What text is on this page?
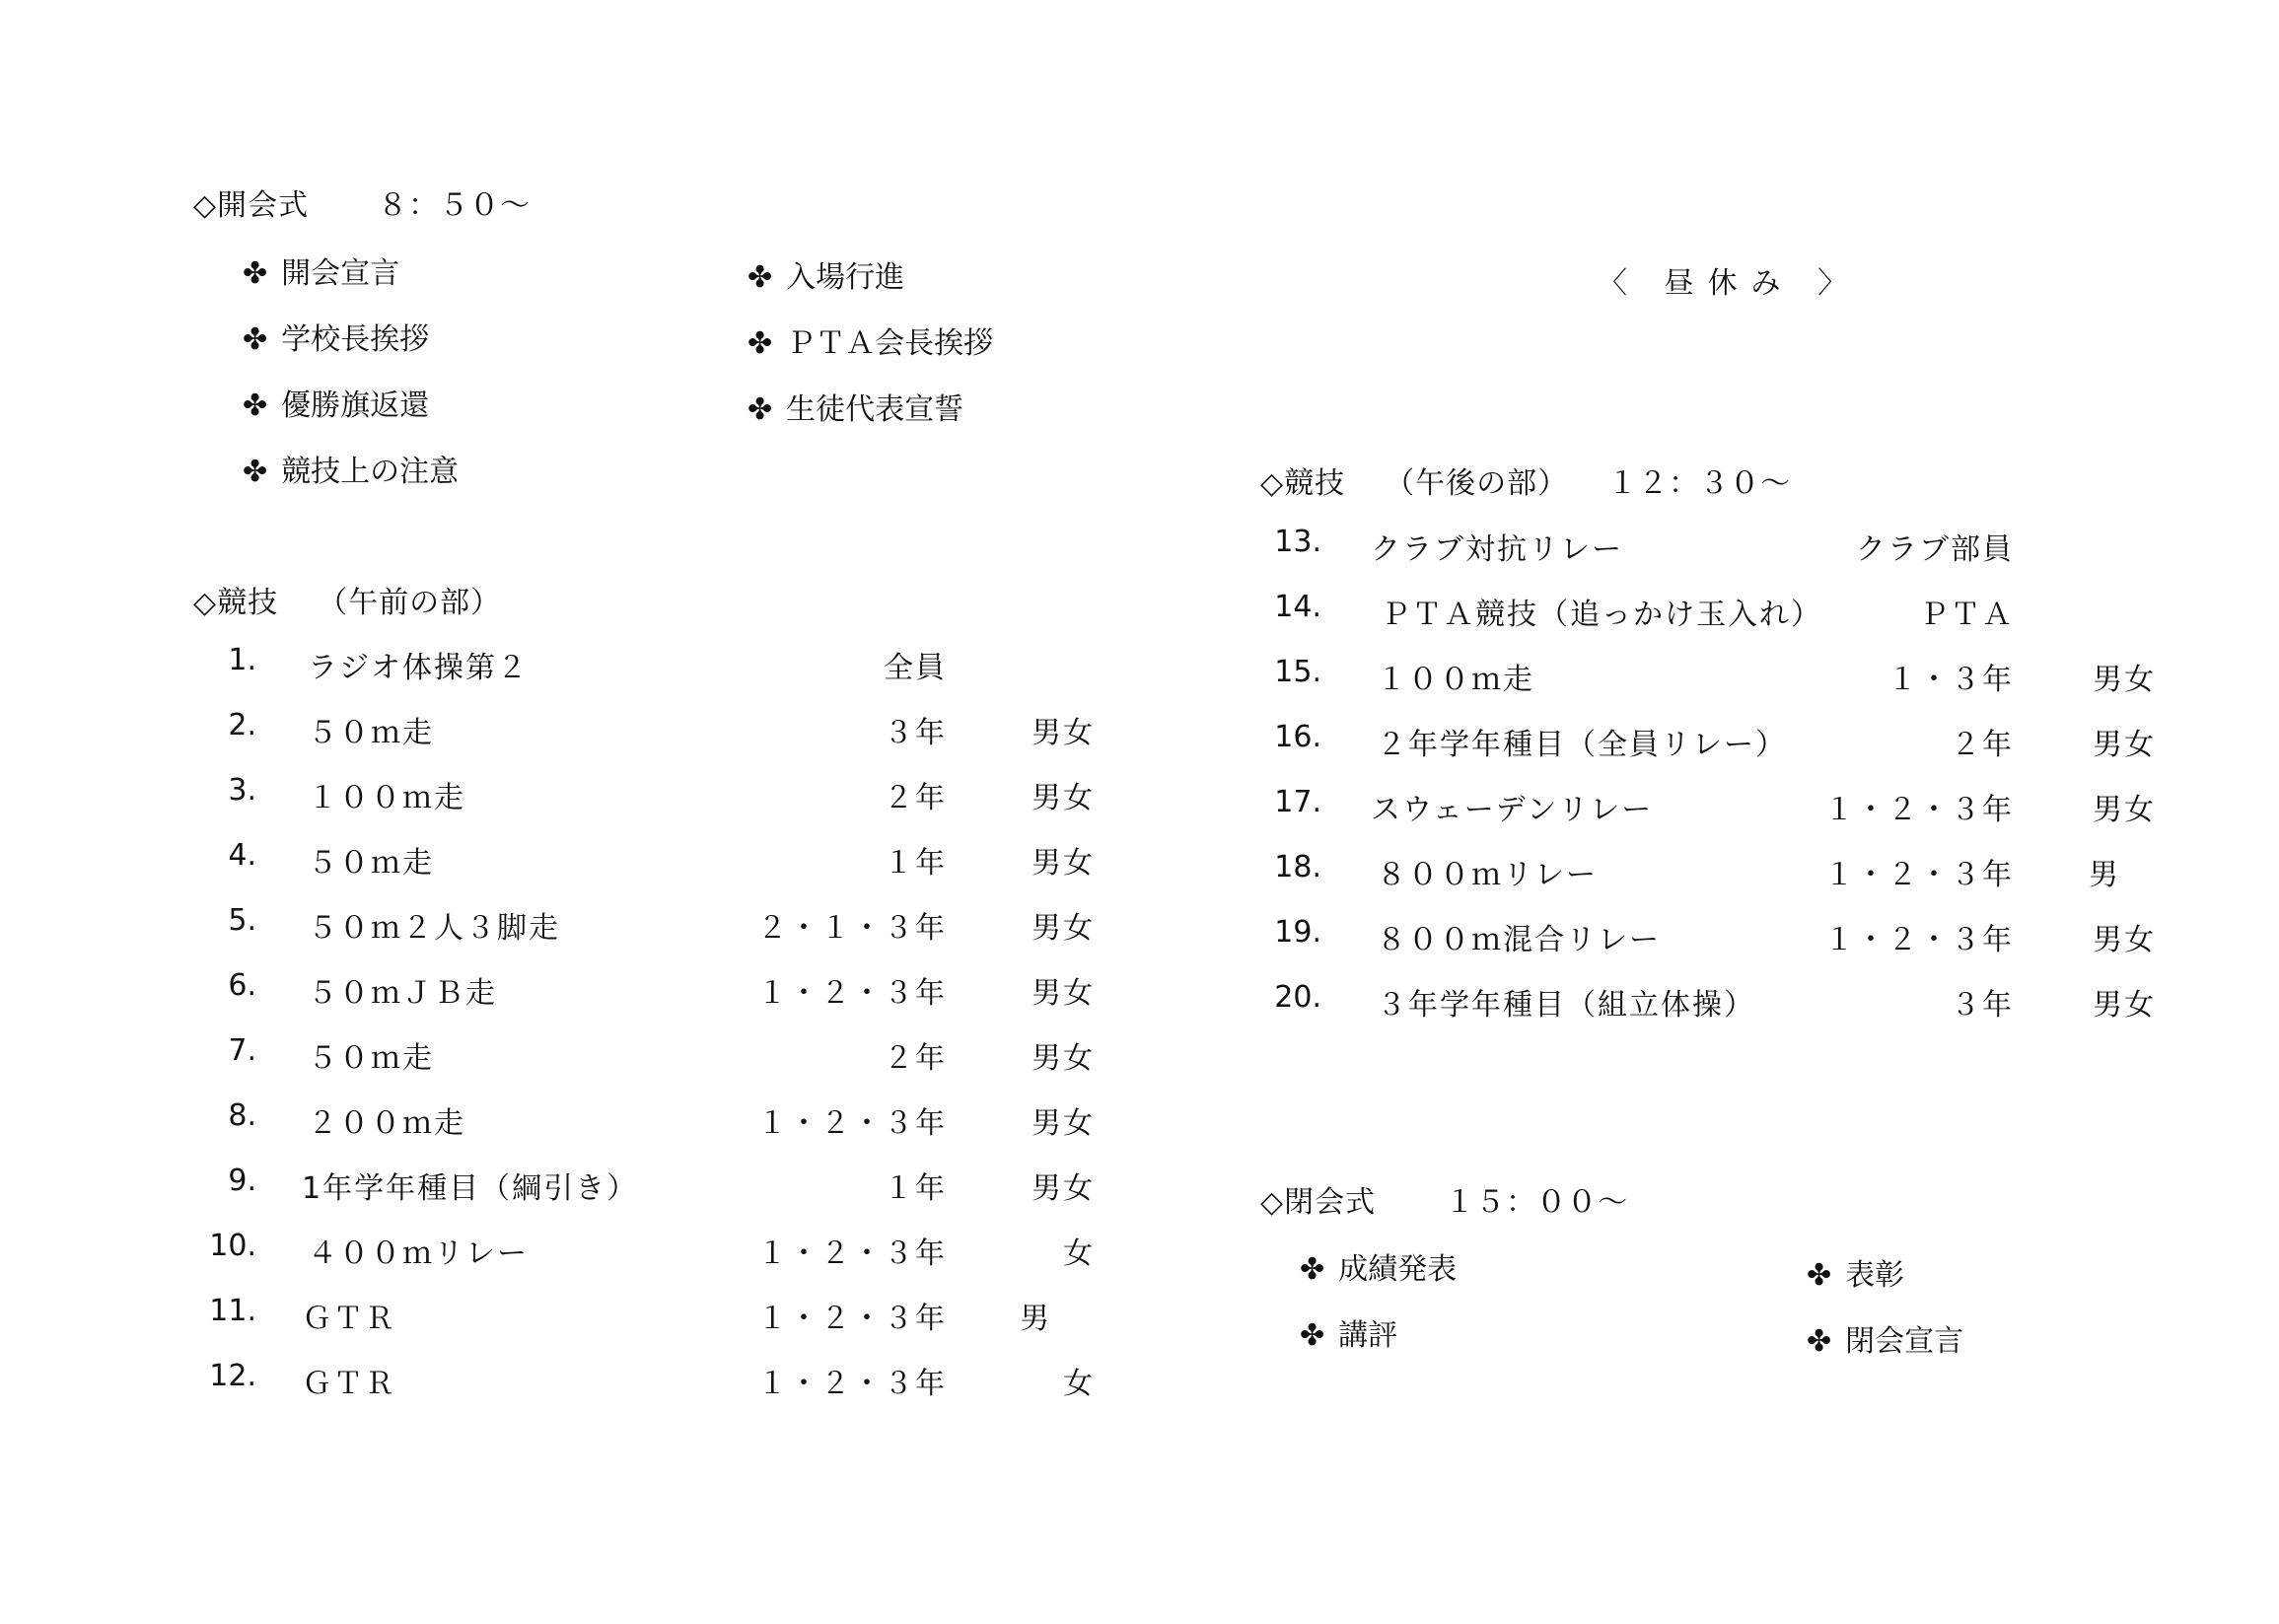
◇開会式 ８：５０～
✤ 開会宣言
✤ 学校長挨拶
✤ 優勝旗返還
✤ 競技上の注意
✤ 入場行進
✤ ＰＴＡ会長挨拶
✤ 生徒代表宣誓
◇競技 （午前の部）
1. ラジオ体操第２	全員
2. ５０ｍ走	３年	男女
3. １００ｍ走	２年	男女
4. ５０ｍ走	１年	男女
5. ５０ｍ２人３脚走	２・１・３年	男女
6. ５０ｍＪＢ走	１・２・３年	男女
7. ５０ｍ走	２年	男女
8. ２００ｍ走	１・２・３年	男女
9. 1年学年種目（綱引き）	１年	男女
10. ４００ｍリレー	１・２・３年	女
11. ＧＴＲ	１・２・３年	男
12. ＧＴＲ	１・２・３年	女
〈 昼休み 〉
◇競技 （午後の部） １２：３０～
13. クラブ対抗リレー	クラブ部員
14. ＰＴＡ競技（追っかけ玉入れ）	ＰＴＡ
15. １００ｍ走	１・３年	男女
16. ２年学年種目（全員リレー）	２年	男女
17. スウェーデンリレー	１・２・３年	男女
18. ８００ｍリレー	１・２・３年	男
19. ８００ｍ混合リレー	１・２・３年	男女
20. ３年学年種目（組立体操）	３年	男女
◇閉会式 １５：００～
✤ 成績発表
✤ 講評
✤ 表彰
✤ 閉会宣言
